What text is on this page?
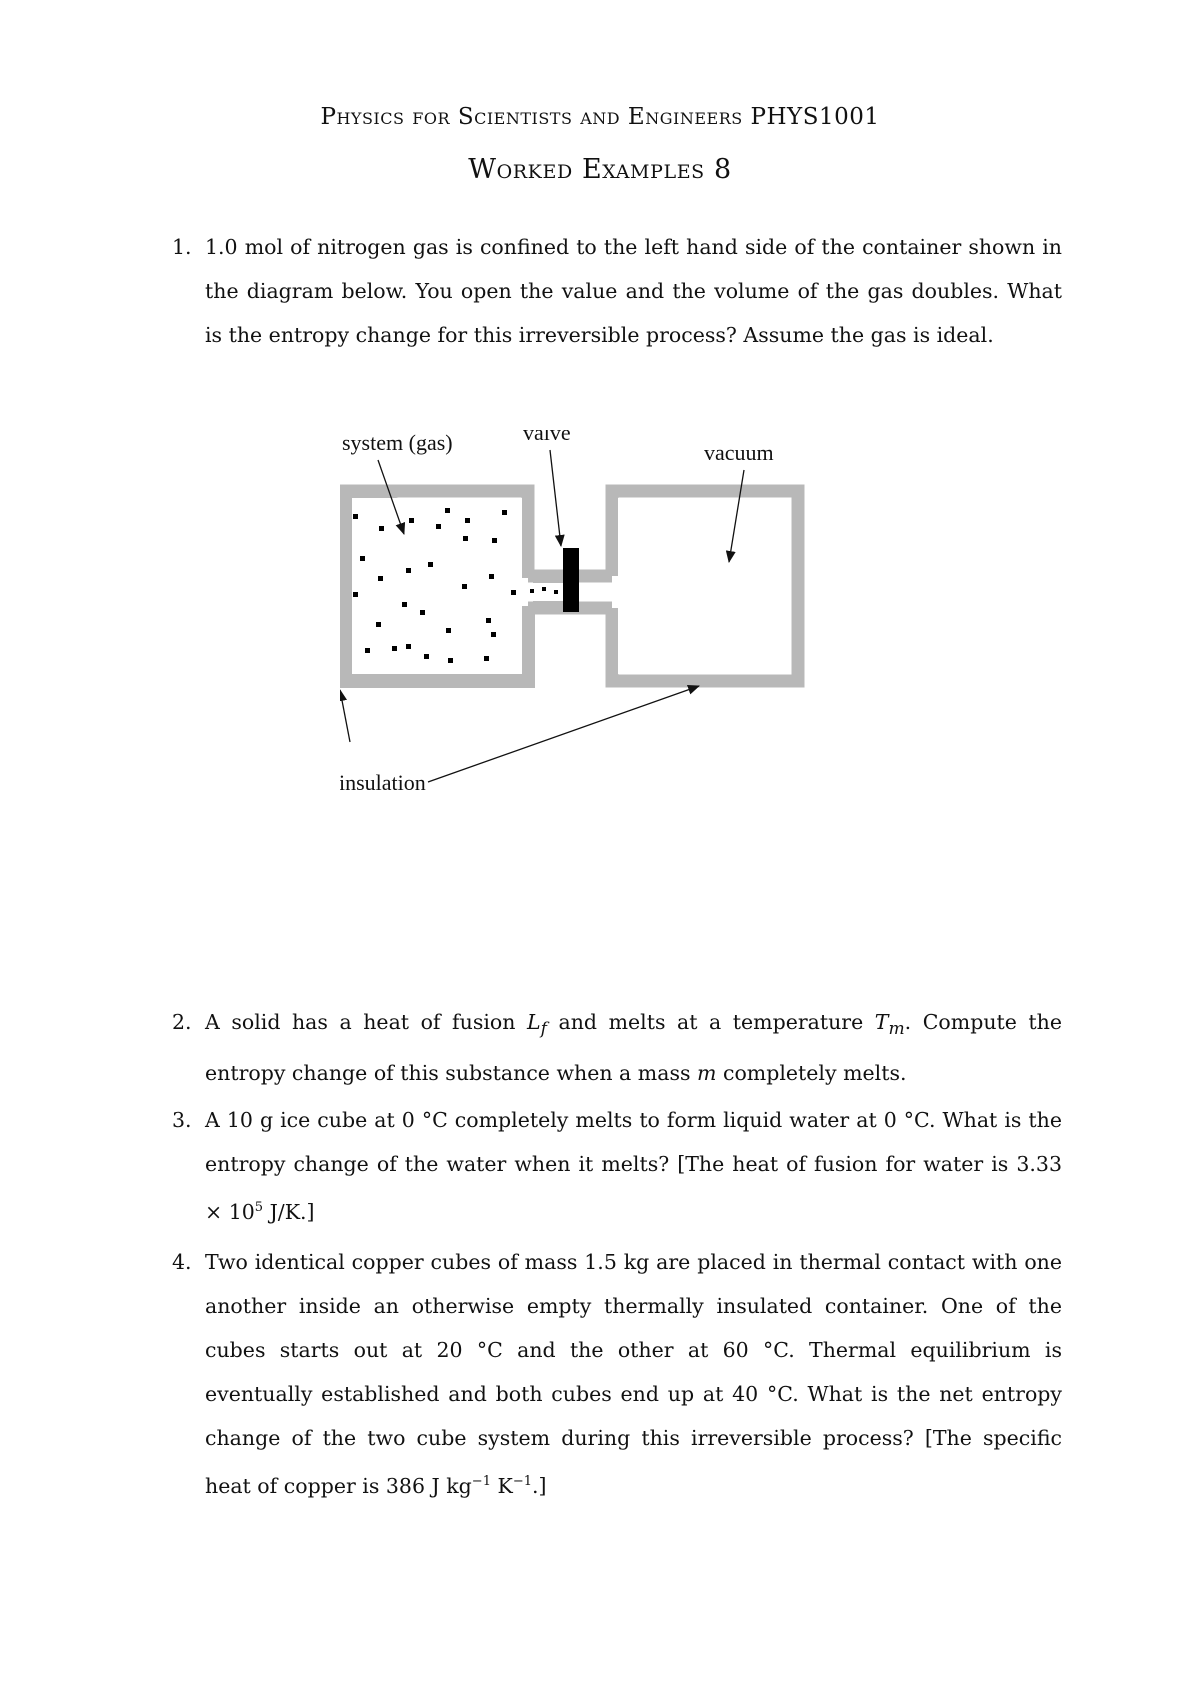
Physics for Scientists and Engineers PHYS1001
Worked Examples 8
1. 1.0 mol of nitrogen gas is confined to the left hand side of the container shown in the diagram below. You open the value and the volume of the gas doubles. What is the entropy change for this irreversible process? Assume the gas is ideal.
system (gas)	valve
vacuum
insulation
2. A solid has a heat of fusion $L_f$ and melts at a temperature $T_m$. Compute the entropy change of this substance when a mass m completely melts.
3. A 10 g ice cube at 0 °C completely melts to form liquid water at 0 °C. What is the entropy change of the water when it melts? [The heat of fusion for water is $3.33 \times 10^5$ J/K.]
4. Two identical copper cubes of mass 1.5 kg are placed in thermal contact with one another inside an otherwise empty thermally insulated container. One of the cubes starts out at 20 °C and the other at 60 °C. Thermal equilibrium is eventually established and both cubes end up at 40 °C. What is the net entropy change of the two cube system during this irreversible process? [The specific heat of copper is 386 J $kg^{-1}$ $K^{-1}$.]
